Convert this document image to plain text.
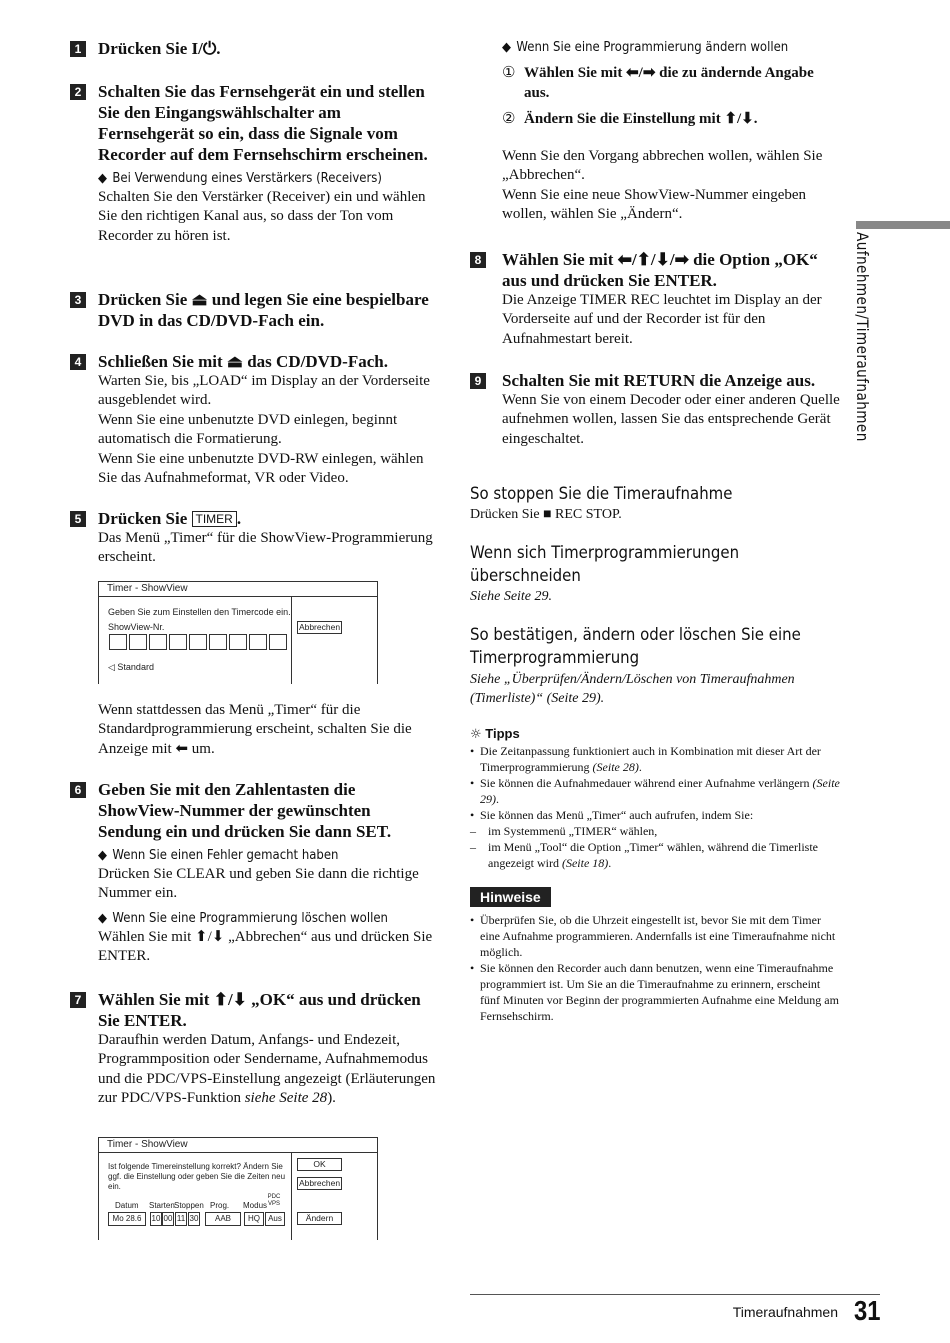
1 Drücken Sie I/⏻.
2 Schalten Sie das Fernsehgerät ein und stellen Sie den Eingangswählschalter am Fernsehgerät so ein, dass die Signale vom Recorder auf dem Fernsehschirm erscheinen.
◆ Bei Verwendung eines Verstärkers (Receivers)
Schalten Sie den Verstärker (Receiver) ein und wählen Sie den richtigen Kanal aus, so dass der Ton vom Recorder zu hören ist.
3 Drücken Sie ⏏ und legen Sie eine bespielbare DVD in das CD/DVD-Fach ein.
4 Schließen Sie mit ⏏ das CD/DVD-Fach.
Warten Sie, bis „LOAD“ im Display an der Vorderseite ausgeblendet wird.
Wenn Sie eine unbenutzte DVD einlegen, beginnt automatisch die Formatierung.
Wenn Sie eine unbenutzte DVD-RW einlegen, wählen Sie das Aufnahmeformat, VR oder Video.
5 Drücken Sie TIMER .
Das Menü „Timer“ für die ShowView-Programmierung erscheint.
Timer - ShowView
Geben Sie zum Einstellen den Timercode ein.
ShowView-Nr.	Abbrechen
◁ Standard
Wenn stattdessen das Menü „Timer“ für die Standardprogrammierung erscheint, schalten Sie die Anzeige mit ⬅ um.
6 Geben Sie mit den Zahlentasten die ShowView-Nummer der gewünschten Sendung ein und drücken Sie dann SET.
◆ Wenn Sie einen Fehler gemacht haben
Drücken Sie CLEAR und geben Sie dann die richtige Nummer ein.
◆ Wenn Sie eine Programmierung löschen wollen
Wählen Sie mit ⬆/⬇ „Abbrechen“ aus und drücken Sie ENTER.
7 Wählen Sie mit ⬆/⬇ „OK“ aus und drücken Sie ENTER.
Daraufhin werden Datum, Anfangs- und Endezeit, Programmposition oder Sendername, Aufnahmemodus und die PDC/VPS-Einstellung angezeigt (Erläuterungen zur PDC/VPS-Funktion siehe Seite 28).
Timer - ShowView
Ist folgende Timereinstellung korrekt? Ändern Sie ggf. die Einstellung oder geben Sie die Zeiten neu ein.
OK
Abbrechen
Ändern
Datum Starten Stoppen Prog. Modus
PDC VPS
Mo 28.6	10 00 11 30	AAB	HQ	Aus
◆ Wenn Sie eine Programmierung ändern wollen
① Wählen Sie mit ⬅/➡ die zu ändernde Angabe aus.
② Ändern Sie die Einstellung mit ⬆/⬇.
Wenn Sie den Vorgang abbrechen wollen, wählen Sie „Abbrechen“.
Wenn Sie eine neue ShowView-Nummer eingeben wollen, wählen Sie „Ändern“.
8 Wählen Sie mit ⬅/⬆/⬇/➡ die Option „OK“ aus und drücken Sie ENTER.
Die Anzeige TIMER REC leuchtet im Display an der Vorderseite auf und der Recorder ist für den Aufnahmestart bereit.
9 Schalten Sie mit RETURN die Anzeige aus.
Wenn Sie von einem Decoder oder einer anderen Quelle aufnehmen wollen, lassen Sie das entsprechende Gerät eingeschaltet.
So stoppen Sie die Timeraufnahme
Drücken Sie ■ REC STOP.
Wenn sich Timerprogrammierungen überschneiden
Siehe Seite 29.
So bestätigen, ändern oder löschen Sie eine Timerprogrammierung
Siehe „Überprüfen/Ändern/Löschen von Timeraufnahmen (Timerliste)“ (Seite 29).
☼ Tipps
• Die Zeitanpassung funktioniert auch in Kombination mit dieser Art der Timerprogrammierung (Seite 28).
• Sie können die Aufnahmedauer während einer Aufnahme verlängern (Seite 29).
• Sie können das Menü „Timer“ auch aufrufen, indem Sie:
– im Systemmenü „TIMER“ wählen,
– im Menü „Tool“ die Option „Timer“ wählen, während die Timerliste angezeigt wird (Seite 18).
Hinweise
• Überprüfen Sie, ob die Uhrzeit eingestellt ist, bevor Sie mit dem Timer eine Aufnahme programmieren. Andernfalls ist eine Timeraufnahme nicht möglich.
• Sie können den Recorder auch dann benutzen, wenn eine Timeraufnahme programmiert ist. Um Sie an die Timeraufnahme zu erinnern, erscheint fünf Minuten vor Beginn der programmierten Aufnahme eine Meldung am Fernsehschirm.
Aufnehmen/Timeraufnahmen
Timeraufnahmen 31
